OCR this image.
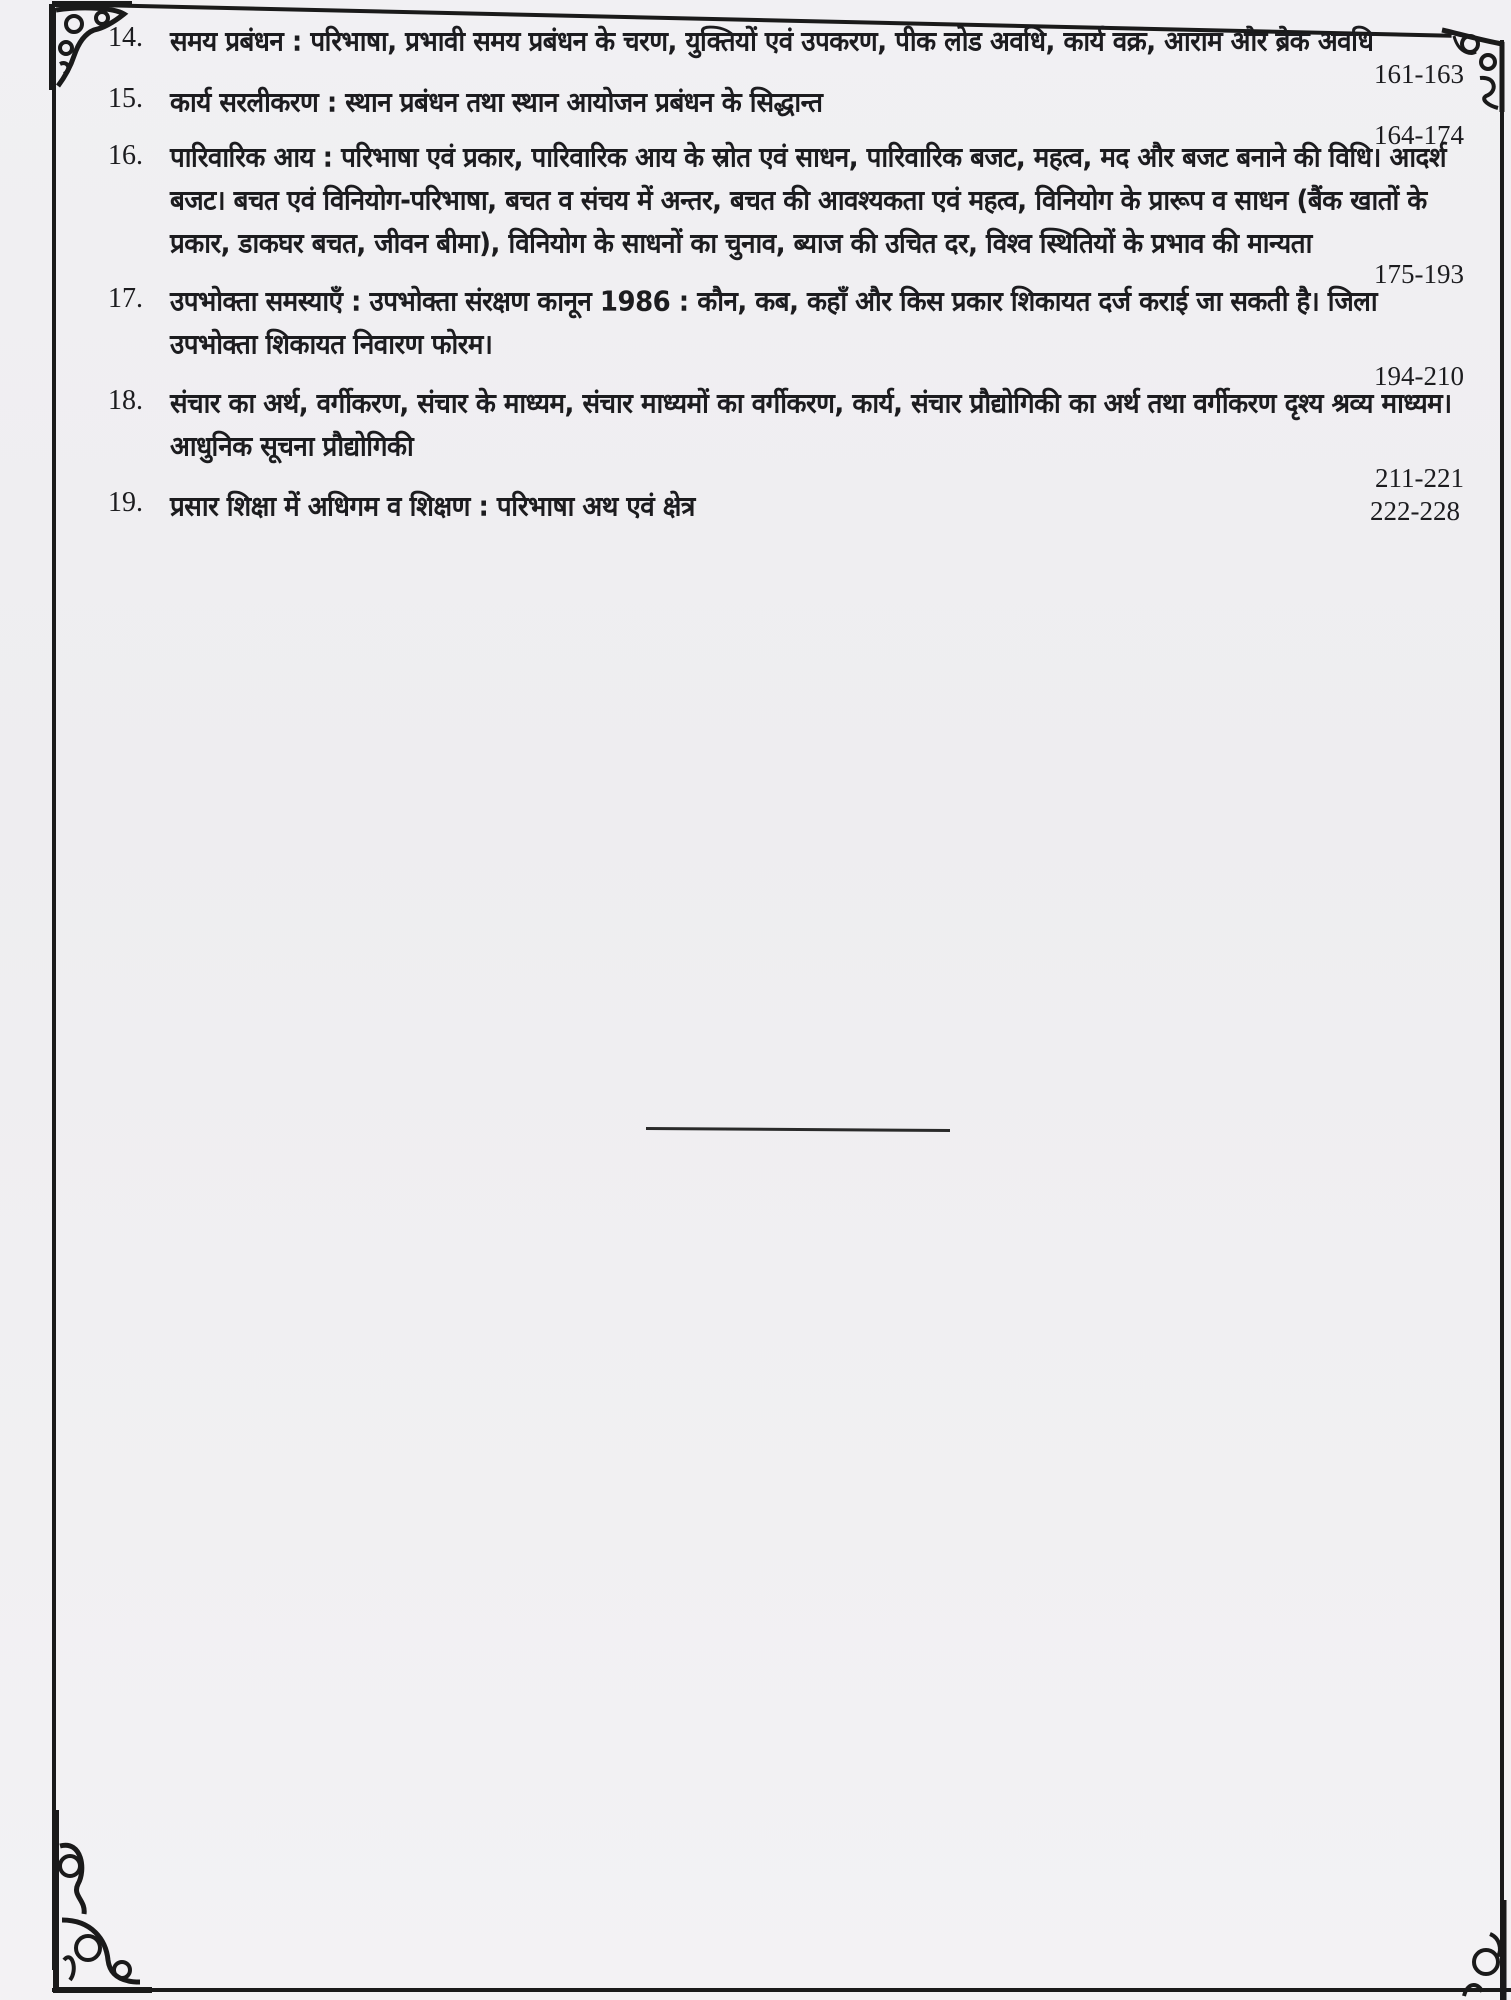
14. समय प्रबंधन : परिभाषा, प्रभावी समय प्रबंधन के चरण, युक्तियों एवं उपकरण, पीक लोड अवधि, कार्य वक्र, आराम और ब्रेक अवधि
161-163
15. कार्य सरलीकरण : स्थान प्रबंधन तथा स्थान आयोजन प्रबंधन के सिद्धान्त
164-174
16. पारिवारिक आय : परिभाषा एवं प्रकार, पारिवारिक आय के स्रोत एवं साधन, पारिवारिक बजट, महत्व, मद और बजट बनाने की विधि। आदर्श बजट। बचत एवं विनियोग-परिभाषा, बचत व संचय में अन्तर, बचत की आवश्यकता एवं महत्व, विनियोग के प्रारूप व साधन (बैंक खातों के प्रकार, डाकघर बचत, जीवन बीमा), विनियोग के साधनों का चुनाव, ब्याज की उचित दर, विश्व स्थितियों के प्रभाव की मान्यता
175-193
17. उपभोक्ता समस्याएँ : उपभोक्ता संरक्षण कानून 1986 : कौन, कब, कहाँ और किस प्रकार शिकायत दर्ज कराई जा सकती है। जिला उपभोक्ता शिकायत निवारण फोरम।
194-210
18. संचार का अर्थ, वर्गीकरण, संचार के माध्यम, संचार माध्यमों का वर्गीकरण, कार्य, संचार प्रौद्योगिकी का अर्थ तथा वर्गीकरण दृश्य श्रव्य माध्यम। आधुनिक सूचना प्रौद्योगिकी
211-221
19. प्रसार शिक्षा में अधिगम व शिक्षण : परिभाषा अथ एवं क्षेत्र	222-228
